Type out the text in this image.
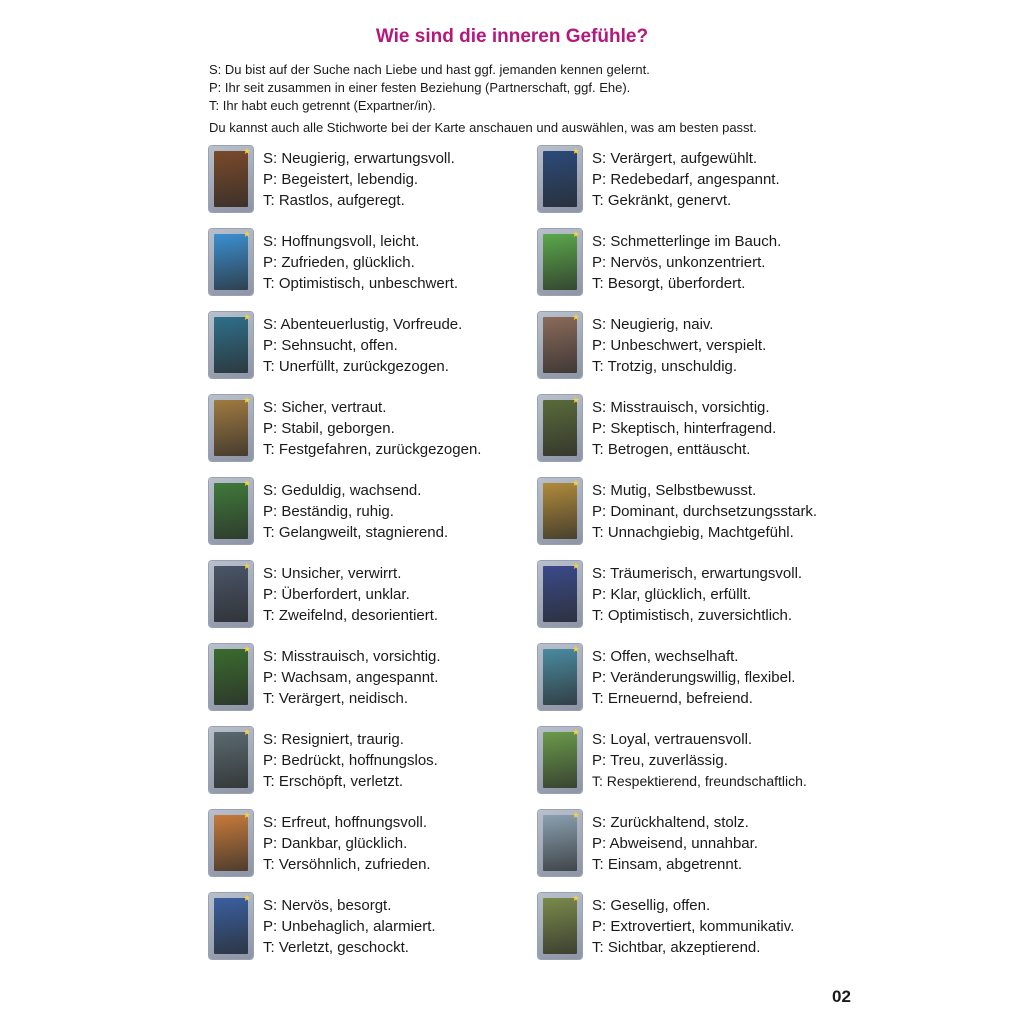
Wie sind die inneren Gefühle?
S: Du bist auf der Suche nach Liebe und hast ggf. jemanden kennen gelernt.
P: Ihr seit zusammen in einer festen Beziehung (Partnerschaft, ggf. Ehe).
T: Ihr habt euch getrennt (Expartner/in).
Du kannst auch alle Stichworte bei der Karte anschauen und auswählen, was am besten passt.
★ S: Neugierig, erwartungsvoll.
P: Begeistert, lebendig.
T: Rastlos, aufgeregt.
★ S: Hoffnungsvoll, leicht.
P: Zufrieden, glücklich.
T: Optimistisch, unbeschwert.
★ S: Abenteuerlustig, Vorfreude.
P: Sehnsucht, offen.
T: Unerfüllt, zurückgezogen.
★ S: Sicher, vertraut.
P: Stabil, geborgen.
T: Festgefahren, zurückgezogen.
★ S: Geduldig, wachsend.
P: Beständig, ruhig.
T: Gelangweilt, stagnierend.
★ S: Unsicher, verwirrt.
P: Überfordert, unklar.
T: Zweifelnd, desorientiert.
★ S: Misstrauisch, vorsichtig.
P: Wachsam, angespannt.
T: Verärgert, neidisch.
★ S: Resigniert, traurig.
P: Bedrückt, hoffnungslos.
T: Erschöpft, verletzt.
★ S: Erfreut, hoffnungsvoll.
P: Dankbar, glücklich.
T: Versöhnlich, zufrieden.
★ S: Nervös, besorgt.
P: Unbehaglich, alarmiert.
T: Verletzt, geschockt.
★ S: Verärgert, aufgewühlt.
P: Redebedarf, angespannt.
T: Gekränkt, genervt.
★ S: Schmetterlinge im Bauch.
P: Nervös, unkonzentriert.
T: Besorgt, überfordert.
★ S: Neugierig, naiv.
P: Unbeschwert, verspielt.
T: Trotzig, unschuldig.
★ S: Misstrauisch, vorsichtig.
P: Skeptisch, hinterfragend.
T: Betrogen, enttäuscht.
★ S: Mutig, Selbstbewusst.
P: Dominant, durchsetzungsstark.
T: Unnachgiebig, Machtgefühl.
★ S: Träumerisch, erwartungsvoll.
P: Klar, glücklich, erfüllt.
T: Optimistisch, zuversichtlich.
★ S: Offen, wechselhaft.
P: Veränderungswillig, flexibel.
T: Erneuernd, befreiend.
★ S: Loyal, vertrauensvoll.
P: Treu, zuverlässig.
T: Respektierend, freundschaftlich.
★ S: Zurückhaltend, stolz.
P: Abweisend, unnahbar.
T: Einsam, abgetrennt.
★ S: Gesellig, offen.
P: Extrovertiert, kommunikativ.
T: Sichtbar, akzeptierend.
02
